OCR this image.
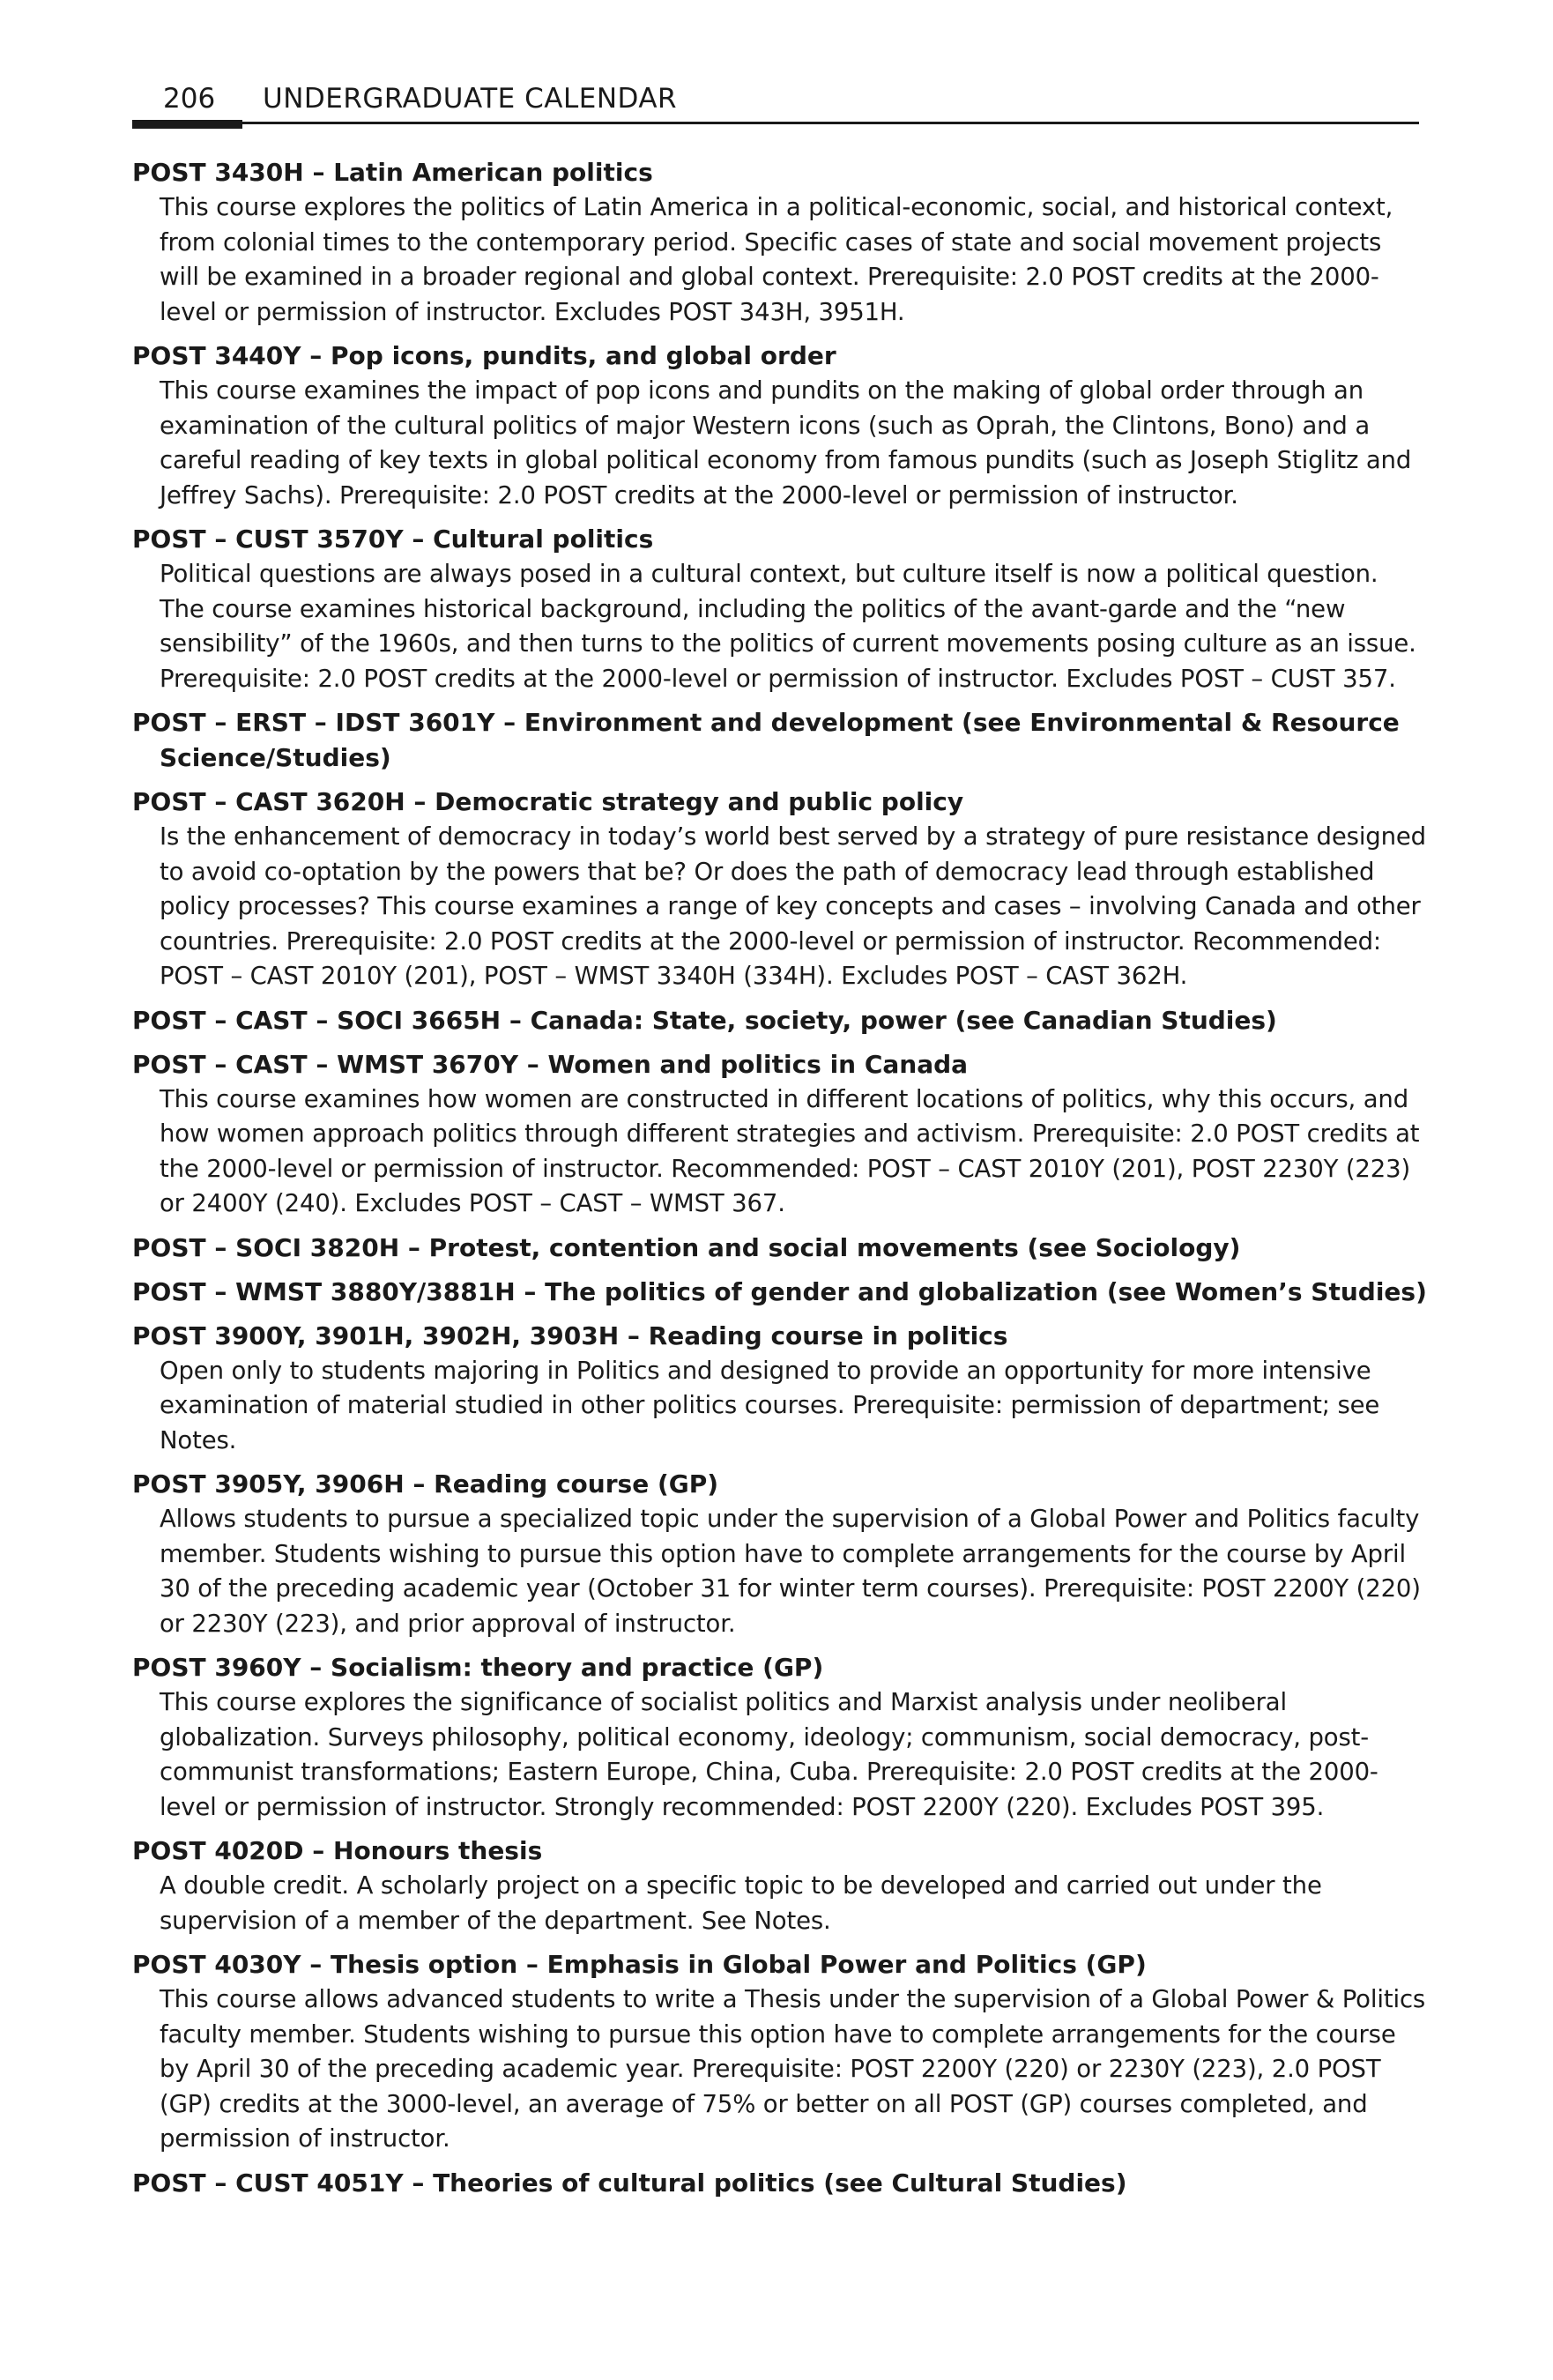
206 UNDERGRADUATE CALENDAR

POST 3430H – Latin American politics

This course explores the politics of Latin America in a political-economic, social, and historical context, from colonial times to the contemporary period. Specific cases of state and social movement projects will be examined in a broader regional and global context. Prerequisite: 2.0 POST credits at the 2000-level or permission of instructor. Excludes POST 343H, 3951H.

POST 3440Y – Pop icons, pundits, and global order

This course examines the impact of pop icons and pundits on the making of global order through an examination of the cultural politics of major Western icons (such as Oprah, the Clintons, Bono) and a careful reading of key texts in global political economy from famous pundits (such as Joseph Stiglitz and Jeffrey Sachs). Prerequisite: 2.0 POST credits at the 2000-level or permission of instructor.

POST – CUST 3570Y – Cultural politics

Political questions are always posed in a cultural context, but culture itself is now a political question. The course examines historical background, including the politics of the avant-garde and the “new sensibility” of the 1960s, and then turns to the politics of current movements posing culture as an issue. Prerequisite: 2.0 POST credits at the 2000-level or permission of instructor. Excludes POST – CUST 357.

POST – ERST – IDST 3601Y – Environment and development (see Environmental & Resource Science/Studies)

POST – CAST 3620H – Democratic strategy and public policy

Is the enhancement of democracy in today’s world best served by a strategy of pure resistance designed to avoid co-optation by the powers that be? Or does the path of democracy lead through established policy processes? This course examines a range of key concepts and cases – involving Canada and other countries. Prerequisite: 2.0 POST credits at the 2000-level or permission of instructor. Recommended: POST – CAST 2010Y (201), POST – WMST 3340H (334H). Excludes POST – CAST 362H.

POST – CAST – SOCI 3665H – Canada: State, society, power (see Canadian Studies)

POST – CAST – WMST 3670Y – Women and politics in Canada

This course examines how women are constructed in different locations of politics, why this occurs, and how women approach politics through different strategies and activism. Prerequisite: 2.0 POST credits at the 2000-level or permission of instructor. Recommended: POST – CAST 2010Y (201), POST 2230Y (223) or 2400Y (240). Excludes POST – CAST – WMST 367.

POST – SOCI 3820H – Protest, contention and social movements (see Sociology)

POST – WMST 3880Y/3881H – The politics of gender and globalization (see Women’s Studies)

POST 3900Y, 3901H, 3902H, 3903H – Reading course in politics

Open only to students majoring in Politics and designed to provide an opportunity for more intensive examination of material studied in other politics courses. Prerequisite: permission of department; see Notes.

POST 3905Y, 3906H – Reading course (GP)

Allows students to pursue a specialized topic under the supervision of a Global Power and Politics faculty member. Students wishing to pursue this option have to complete arrangements for the course by April 30 of the preceding academic year (October 31 for winter term courses). Prerequisite: POST 2200Y (220) or 2230Y (223), and prior approval of instructor.

POST 3960Y – Socialism: theory and practice (GP)

This course explores the significance of socialist politics and Marxist analysis under neoliberal globalization. Surveys philosophy, political economy, ideology; communism, social democracy, post-communist transformations; Eastern Europe, China, Cuba. Prerequisite: 2.0 POST credits at the 2000-level or permission of instructor. Strongly recommended: POST 2200Y (220). Excludes POST 395.

POST 4020D – Honours thesis

A double credit. A scholarly project on a specific topic to be developed and carried out under the supervision of a member of the department. See Notes.

POST 4030Y – Thesis option – Emphasis in Global Power and Politics (GP)

This course allows advanced students to write a Thesis under the supervision of a Global Power & Politics faculty member. Students wishing to pursue this option have to complete arrangements for the course by April 30 of the preceding academic year. Prerequisite: POST 2200Y (220) or 2230Y (223), 2.0 POST (GP) credits at the 3000-level, an average of 75% or better on all POST (GP) courses completed, and permission of instructor.

POST – CUST 4051Y – Theories of cultural politics (see Cultural Studies)
